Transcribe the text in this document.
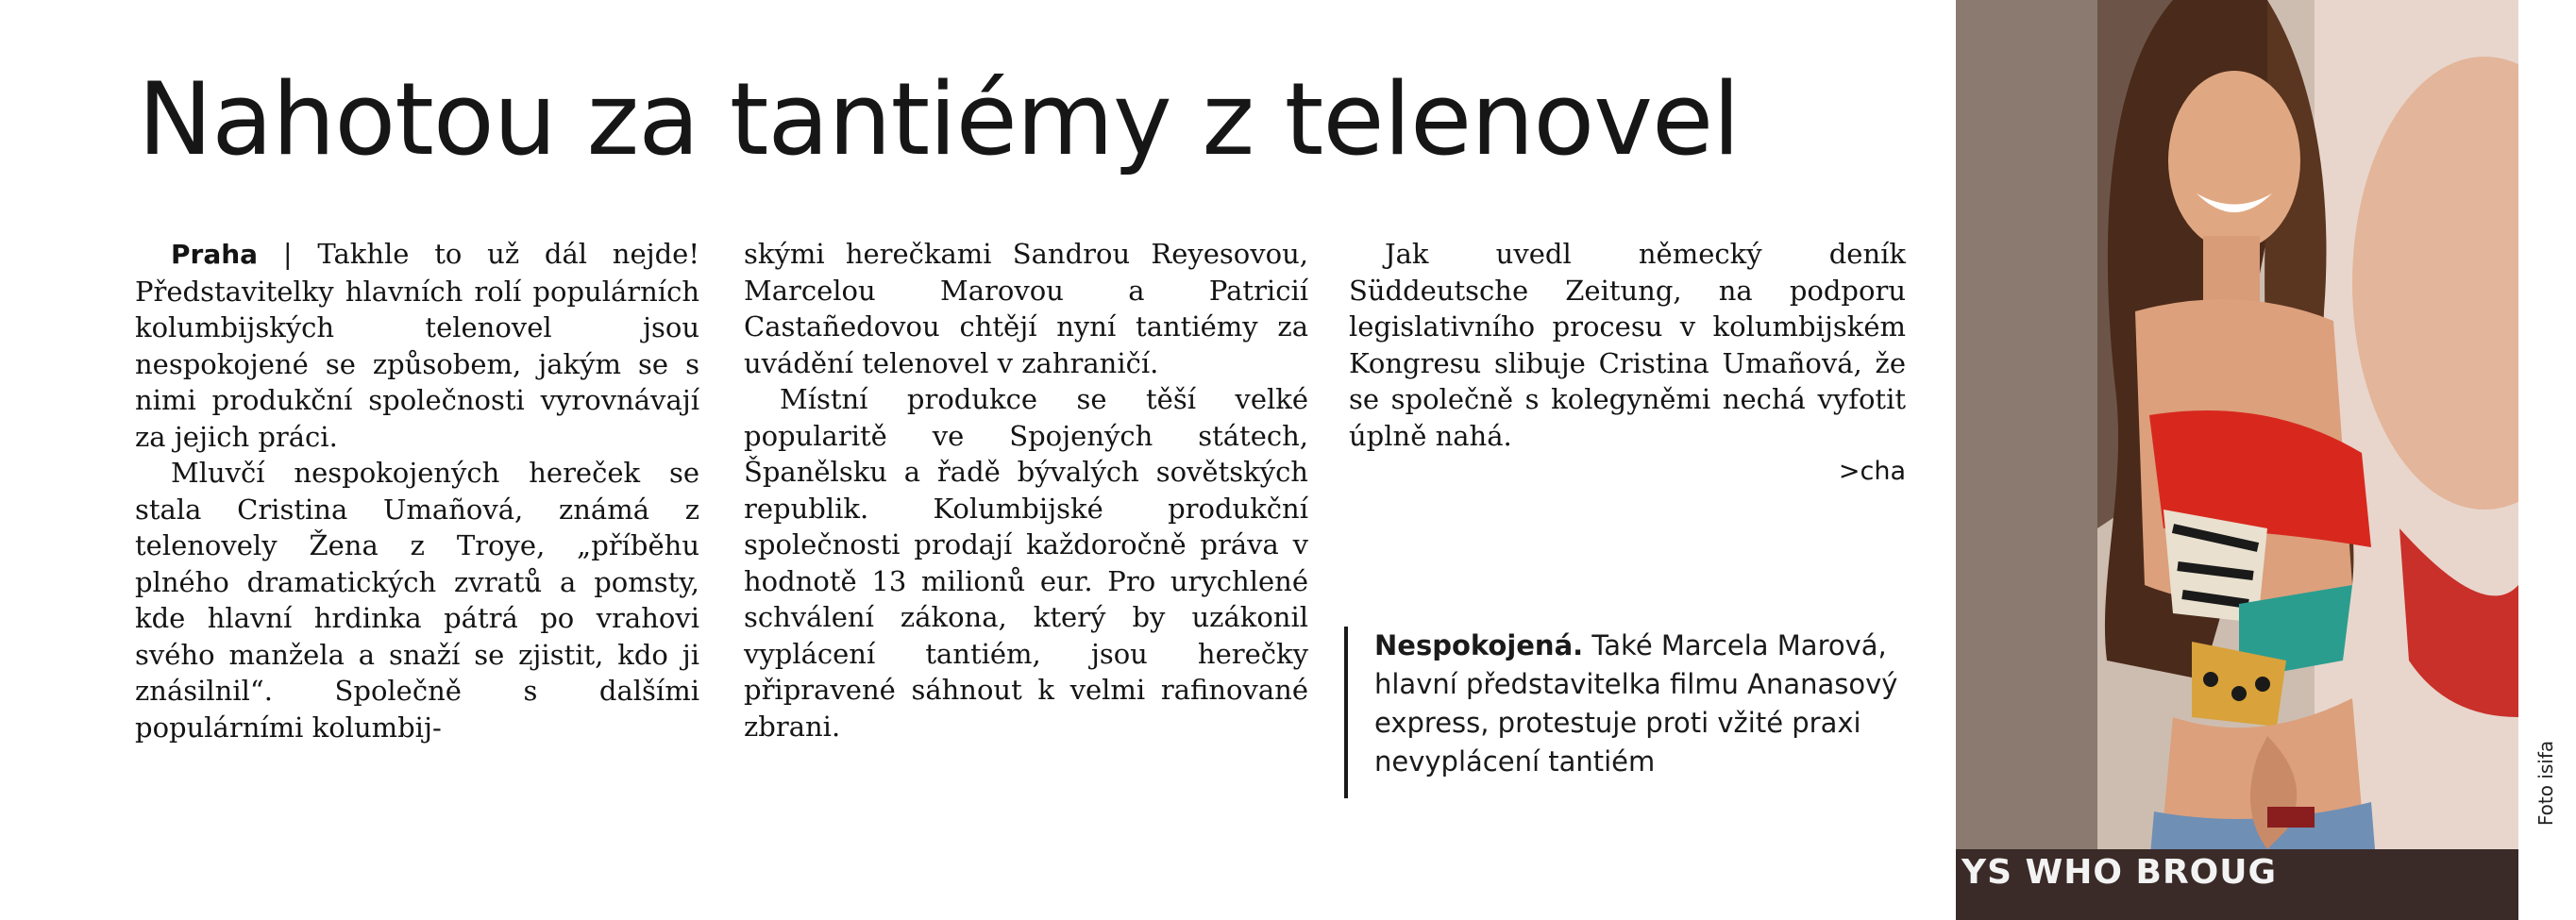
Nahotou za tantiémy z telenovel

Praha | Takhle to už dál nejde! Představitelky hlavních rolí populárních kolumbijských telenovel jsou nespokojené se způsobem, jakým se s nimi produkční společnosti vyrovnávají za jejich práci.

Mluvčí nespokojených hereček se stala Cristina Umañová, známá z telenovely Žena z Troye, „příběhu plného dramatických zvratů a pomsty, kde hlavní hrdinka pátrá po vrahovi svého manžela a snaží se zjistit, kdo ji znásilnil“. Společně s dalšími populárními kolumbij-

skými herečkami Sandrou Reyesovou, Marcelou Marovou a Patricií Castañedovou chtějí nyní tantiémy za uvádění telenovel v zahraničí.

Místní produkce se těší velké popularitě ve Spojených státech, Španělsku a řadě bývalých sovětských republik. Kolumbijské produkční společnosti prodají každoročně práva v hodnotě 13 milionů eur. Pro urychlené schválení zákona, který by uzákonil vyplácení tantiém, jsou herečky připravené sáhnout k velmi rafinované zbrani.

Jak uvedl německý deník Süddeutsche Zeitung, na podporu legislativního procesu v kolumbijském Kongresu slibuje Cristina Umañová, že se společně s kolegyněmi nechá vyfotit úplně nahá.
>cha

Nespokojená. Také Marcela Marová, hlavní představitelka filmu Ananasový express, protestuje proti vžité praxi nevyplácení tantiém
YS WHO BROUG
Foto isifa
